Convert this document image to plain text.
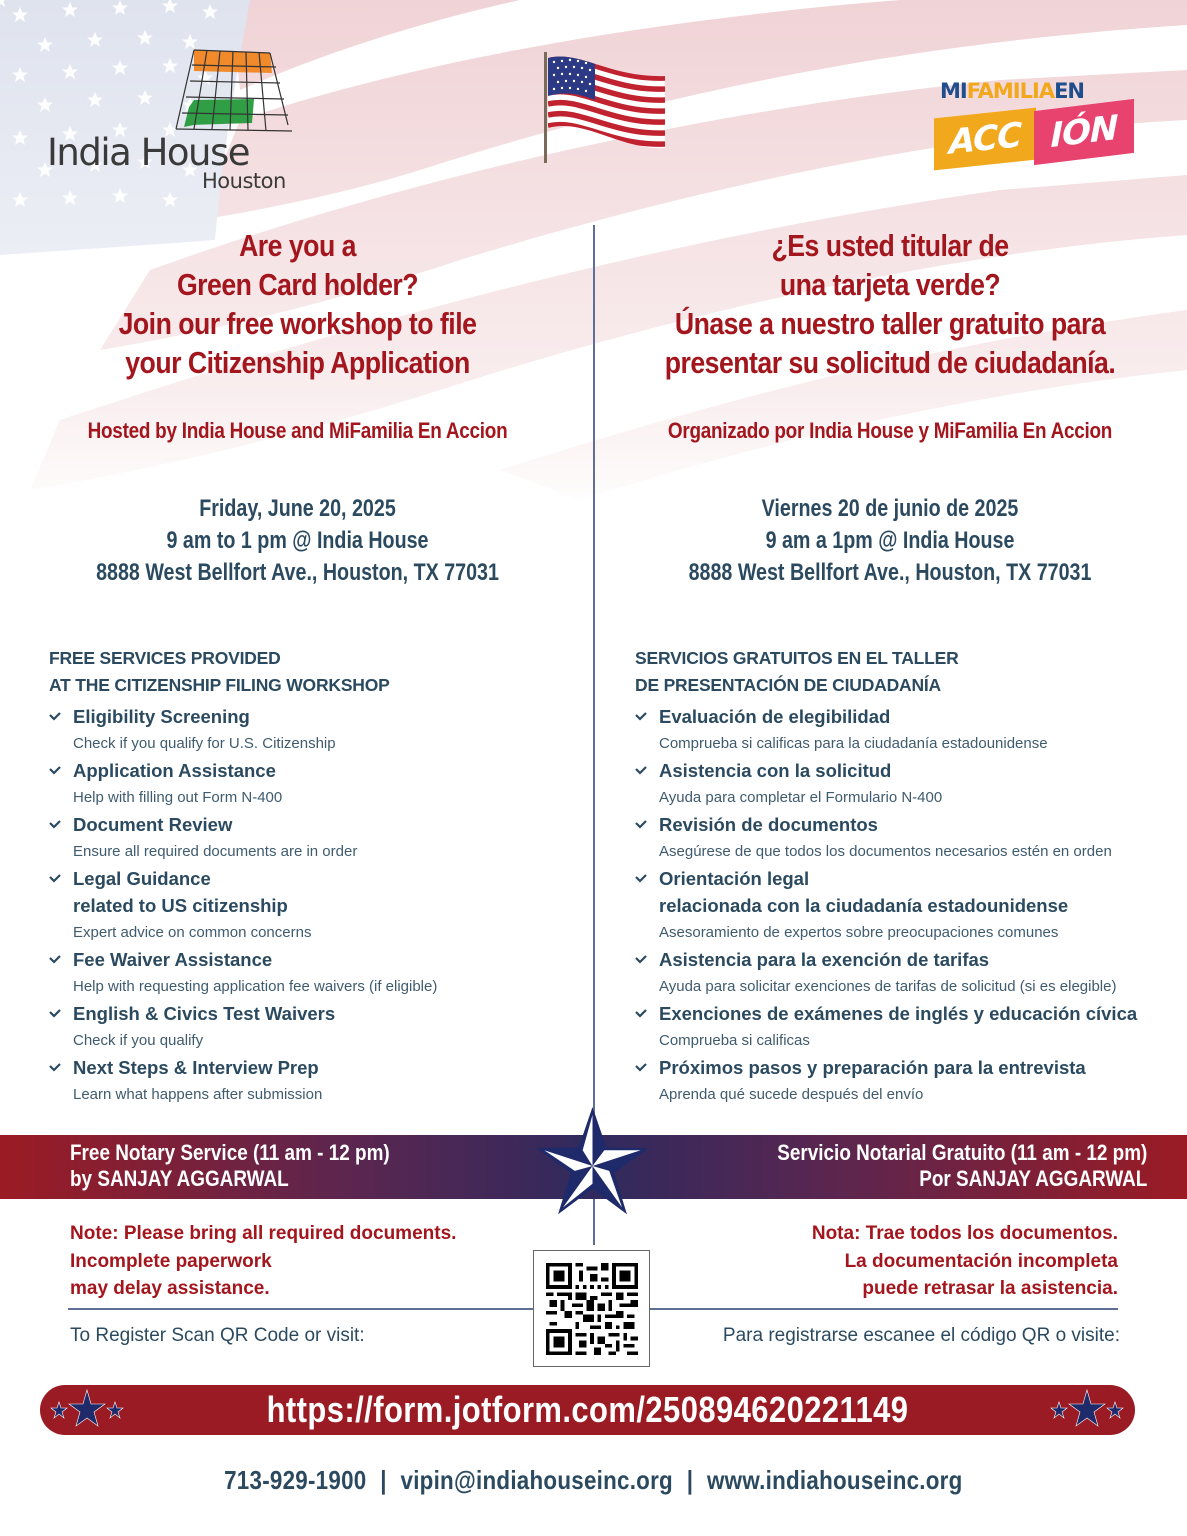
India House
Houston
MIFAMILIAEN
ACC IÓN
Are you a
Green Card holder?
Join our free workshop to file
your Citizenship Application
Hosted by India House and MiFamilia En Accion
Friday, June 20, 2025
9 am to 1 pm @ India House
8888 West Bellfort Ave., Houston, TX 77031
FREE SERVICES PROVIDED
AT THE CITIZENSHIP FILING WORKSHOP
Eligibility Screening
Check if you qualify for U.S. Citizenship
Application Assistance
Help with filling out Form N-400
Document Review
Ensure all required documents are in order
Legal Guidance
related to US citizenship
Expert advice on common concerns
Fee Waiver Assistance
Help with requesting application fee waivers (if eligible)
English & Civics Test Waivers
Check if you qualify
Next Steps & Interview Prep
Learn what happens after submission
¿Es usted titular de
una tarjeta verde?
Únase a nuestro taller gratuito para
presentar su solicitud de ciudadanía.
Organizado por India House y MiFamilia En Accion
Viernes 20 de junio de 2025
9 am a 1pm @ India House
8888 West Bellfort Ave., Houston, TX 77031
SERVICIOS GRATUITOS EN EL TALLER
DE PRESENTACIÓN DE CIUDADANÍA
Evaluación de elegibilidad
Comprueba si calificas para la ciudadanía estadounidense
Asistencia con la solicitud
Ayuda para completar el Formulario N-400
Revisión de documentos
Asegúrese de que todos los documentos necesarios estén en orden
Orientación legal
relacionada con la ciudadanía estadounidense
Asesoramiento de expertos sobre preocupaciones comunes
Asistencia para la exención de tarifas
Ayuda para solicitar exenciones de tarifas de solicitud (si es elegible)
Exenciones de exámenes de inglés y educación cívica
Comprueba si calificas
Próximos pasos y preparación para la entrevista
Aprenda qué sucede después del envío
Free Notary Service (11 am - 12 pm)
by SANJAY AGGARWAL
Servicio Notarial Gratuito (11 am - 12 pm)
Por SANJAY AGGARWAL
Note: Please bring all required documents.
Incomplete paperwork
may delay assistance.
Nota: Trae todos los documentos.
La documentación incompleta
puede retrasar la asistencia.
To Register Scan QR Code or visit:	Para registrarse escanee el código QR o visite:
https://form.jotform.com/250894620221149
713-929-1900 | vipin@indiahouseinc.org | www.indiahouseinc.org
